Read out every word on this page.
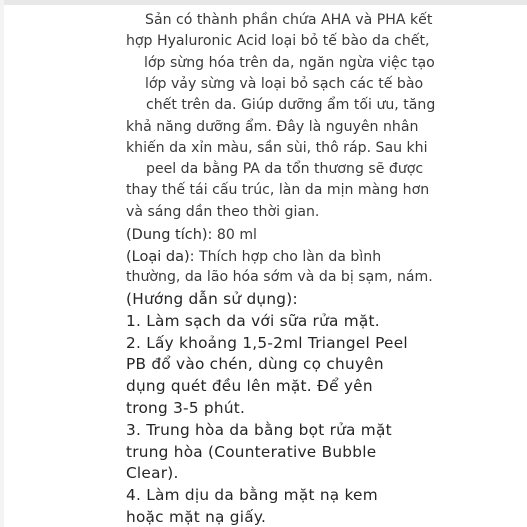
Sản có thành phần chứa AHA và PHA kết
hợp Hyaluronic Acid loại bỏ tế bào da chết,
lớp sừng hóa trên da, ngăn ngừa việc tạo
lớp vảy sừng và loại bỏ sạch các tế bào
chết trên da. Giúp dưỡng ẩm tối ưu, tăng
khả năng dưỡng ẩm. Đây là nguyên nhân
khiến da xỉn màu, sần sùi, thô ráp. Sau khi
peel da bằng PA da tổn thương sẽ được
thay thế tái cấu trúc, làn da mịn màng hơn
và sáng dần theo thời gian.
(Dung tích): 80 ml
(Loại da): Thích hợp cho làn da bình
thường, da lão hóa sớm và da bị sạm, nám.
(Hướng dẫn sử dụng):
1. Làm sạch da với sữa rửa mặt.
2. Lấy khoảng 1,5-2ml Triangel Peel
PB đổ vào chén, dùng cọ chuyên
dụng quét đều lên mặt. Để yên
trong 3-5 phút.
3. Trung hòa da bằng bọt rửa mặt
trung hòa (Counterative Bubble
Clear).
4. Làm dịu da bằng mặt nạ kem
hoặc mặt nạ giấy.
